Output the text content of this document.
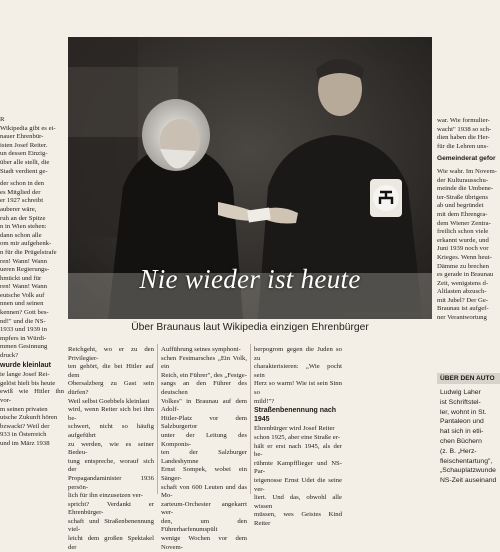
Nie wieder ist heute
Fotos: ANNO/ÖNB/Neues Wiener Tagblatt, privat
Über Braunaus laut Wikipedia einzigen Ehrenbürger

R

Wikipedia gibt es ei-

nauer Ehrenbür-

isten Josef Reiter.

un dessen Einzig-

über alle stellt, die

Stadt verdient ge-

der schon in den

es Mitglied der

er 1927 schreibt

auberer wäre,

ruh an der Spitze

n in Wien stehen:

dann schon alle

om mir aufgehenk-

n für die Prügelstrafe

ren! Wann! Wann

ueren Regierungs-

hmückt und für

ren! Wann! Wann

eutsche Volk auf

nnen und seinen

kennen? Gott bes-

nd!" und die NS-

1933 und 1939 in

mpfers in Würdi-

mmen Gesinnung

druck?

wurde kleinlaut

ie lange Josef Rei-

gelöst hielt bis heute

ewiß wie Hitler ihn vor-

m seinen privaten

utsche Zukunft hören

bzwackt? Weil der

933 in Österreich

und im März 1938

Reichgeht, wo er zu den Privilegier-

ten gehört, die bei Hitler auf dem

Obersalzberg zu Gast sein dürfen?

Weil selbst Goebbels kleinlaut

wird, wenn Reiter sich bei ihm be-

schwert, nicht so häufig aufgeführt

zu werden, wie es seiner Bedeu-

tung entspreche, worauf sich der

Propagandaminister 1936 persön-

lich für ihn einzusetzen ver-

spricht? Verdankt er Ehrenbürger-

schaft und Straßenbenennung viel-

leicht dem großen Spektakel der

Aufführung seines symphoni-

schen Festmarsches „Ein Volk, ein

Reich, ein Führer", des „Festge-

sangs an den Führer des deutschen

Volkes" in Braunau auf dem Adolf-

Hitler-Platz vor dem Salzburgertor

unter der Leitung des Komponis-

ten der Salzburger Landeshymne

Ernst Sompek, wobei ein Sänger-

schaft von 600 Leuten und das Mo-

zarteum-Orchester angekarrt wer-

den, um den Führerharfenumspült

wenige Wochen vor dem Novem-

berpogrom gegen die Juden so zu

charakterisieren: „Wie pocht sein

Herz so warm! Wie ist sein Sinn so

mild!"?

Straßenbenennung nach 1945

Ehrenbürger wird Josef Reiter

schon 1925, aber eine Straße er-

hält er erst nach 1945, als der be-

rühmte Kampfflieger und NS-Par-

teigenosse Ernst Udet die seine ver-

liert. Und das, obwohl alle wissen

müssen, wes Geistes Kind Reiter

war. Wie formulier-

wacht" 1938 so sch-

dien haben die Her-

für die Lehren uns-

Gemeinderat gefor

Wie wahr. Im Novem-

der Kulturausschu-

meinde die Umbene-

ter-Straße übrigens

ab und begründet

mit dem Ehrengra-

dem Wiener Zentra-

freilich schon viele

erkannt wurde, und

Juni 1939 noch vor

Krieges. Wenn heut-

Dämme zu brechen

es gerade in Braunau

Zeit, wenigstens d-

Altlasten abzusch-

mit Jubel? Der Ge-

Braunau ist aufgef-

ner Verantwortung

ÜBER DEN AUTO

Ludwig Laher

ist Schriftstel-

ler, wohnt in St.

Pantaleon und

hat sich in etli-

chen Büchern

(z. B. „Herz-

fleischentartung",

„Schauplatzwunde

NS-Zeit auseinand
